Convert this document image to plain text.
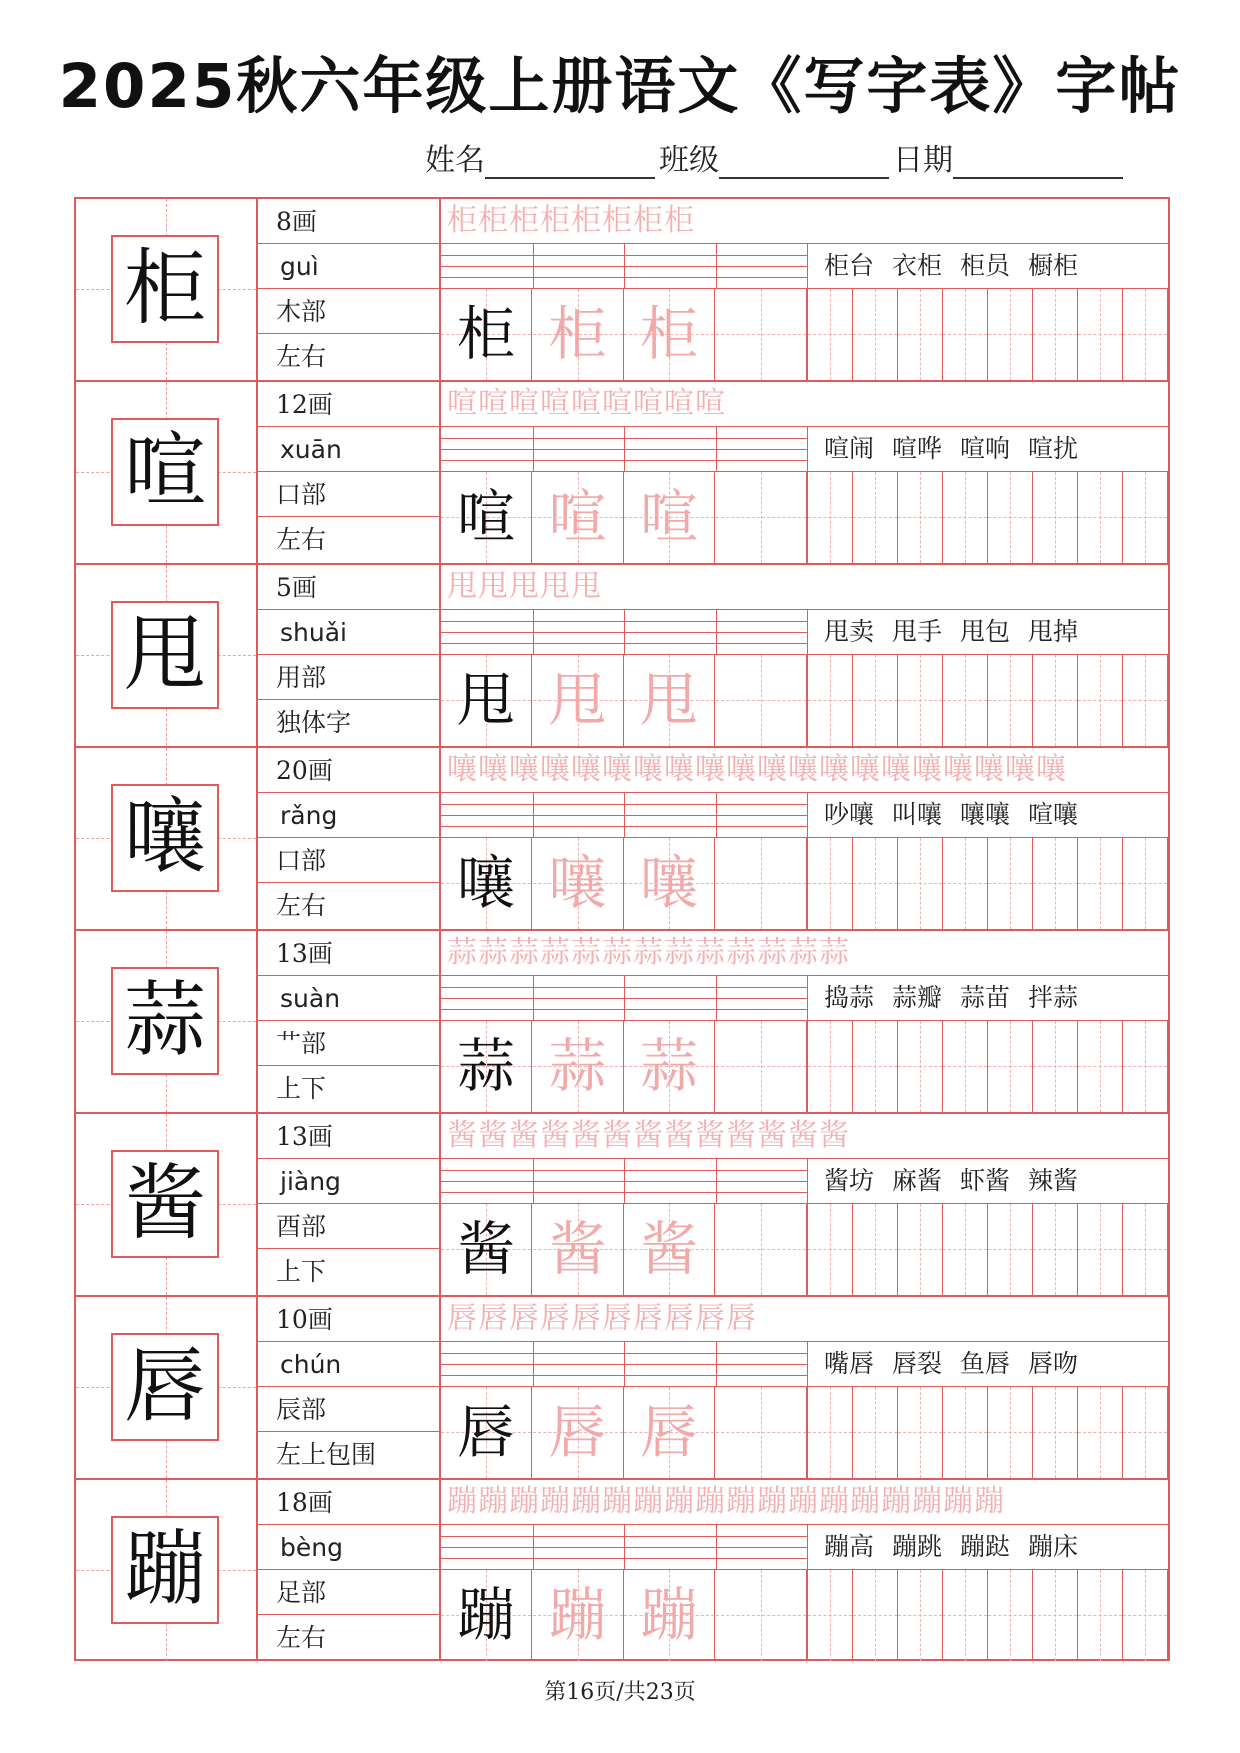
2025秋六年级上册语文《写字表》字帖
姓名	班级	日期
柜
8画
guì
木部
左右
柜柜柜柜柜柜柜柜
柜台 衣柜 柜员 橱柜
柜 柜 柜
喧
12画
xuān
口部
左右
喧喧喧喧喧喧喧喧喧
喧闹 喧哗 喧响 喧扰
喧 喧 喧
甩
5画
shuǎi
用部
独体字
甩甩甩甩甩
甩卖 甩手 甩包 甩掉
甩 甩 甩
嚷
20画
rǎng
口部
左右
嚷嚷嚷嚷嚷嚷嚷嚷嚷嚷嚷嚷嚷嚷嚷嚷嚷嚷嚷嚷
吵嚷 叫嚷 嚷嚷 喧嚷
嚷 嚷 嚷
蒜
13画
suàn
艹部
上下
蒜蒜蒜蒜蒜蒜蒜蒜蒜蒜蒜蒜蒜
捣蒜 蒜瓣 蒜苗 拌蒜
蒜 蒜 蒜
酱
13画
jiàng
酉部
上下
酱酱酱酱酱酱酱酱酱酱酱酱酱
酱坊 麻酱 虾酱 辣酱
酱 酱 酱
唇
10画
chún
辰部
左上包围
唇唇唇唇唇唇唇唇唇唇
嘴唇 唇裂 鱼唇 唇吻
唇 唇 唇
蹦
18画
bèng
足部
左右
蹦蹦蹦蹦蹦蹦蹦蹦蹦蹦蹦蹦蹦蹦蹦蹦蹦蹦
蹦高 蹦跳 蹦跶 蹦床
蹦 蹦 蹦
第16页/共23页
